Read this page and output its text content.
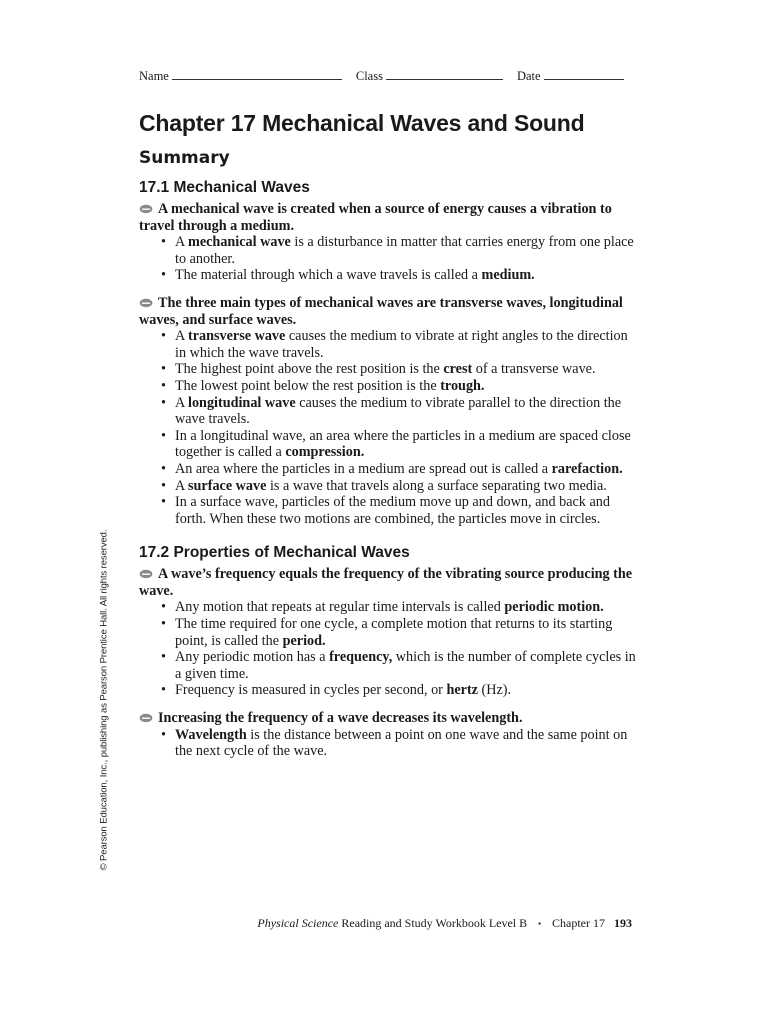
Name	Class	Date
Chapter 17 Mechanical Waves and Sound
Summary
17.1 Mechanical Waves

A mechanical wave is created when a source of energy causes a vibration to travel through a medium.

• A mechanical wave is a disturbance in matter that carries energy from one place to another.
• The material through which a wave travels is called a medium.

The three main types of mechanical waves are transverse waves, longitudinal waves, and surface waves.

• A transverse wave causes the medium to vibrate at right angles to the direction in which the wave travels.
• The highest point above the rest position is the crest of a transverse wave.
• The lowest point below the rest position is the trough.
• A longitudinal wave causes the medium to vibrate parallel to the direction the wave travels.
• In a longitudinal wave, an area where the particles in a medium are spaced close together is called a compression.
• An area where the particles in a medium are spread out is called a rarefaction.
• A surface wave is a wave that travels along a surface separating two media.
• In a surface wave, particles of the medium move up and down, and back and forth. When these two motions are combined, the particles move in circles.
17.2 Properties of Mechanical Waves

A wave’s frequency equals the frequency of the vibrating source producing the wave.

• Any motion that repeats at regular time intervals is called periodic motion.
• The time required for one cycle, a complete motion that returns to its starting point, is called the period.
• Any periodic motion has a frequency, which is the number of complete cycles in a given time.
• Frequency is measured in cycles per second, or hertz (Hz).

Increasing the frequency of a wave decreases its wavelength.

• Wavelength is the distance between a point on one wave and the same point on the next cycle of the wave.
© Pearson Education, Inc., publishing as Pearson Prentice Hall. All rights reserved.
Physical Science Reading and Study Workbook Level B ▪ Chapter 17 193
